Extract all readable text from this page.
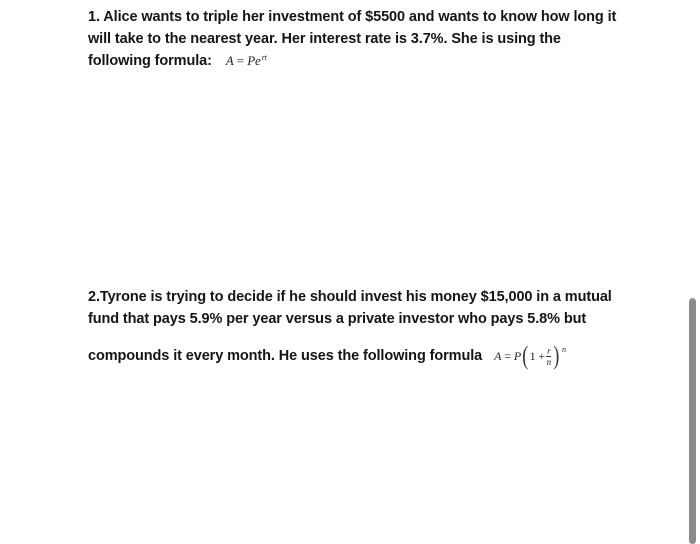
1. Alice wants to triple her investment of $5500 and wants to know how long it
will take to the nearest year. Her interest rate is 3.7%. She is using the
following formula: $A = Pe^{rt}$
2.Tyrone is trying to decide if he should invest his money $15,000 in a mutual
fund that pays 5.9% per year versus a private investor who pays 5.8% but
compounds it every month. He uses the following formula A = P ( $1 + \frac{r}{n}$ ) n
